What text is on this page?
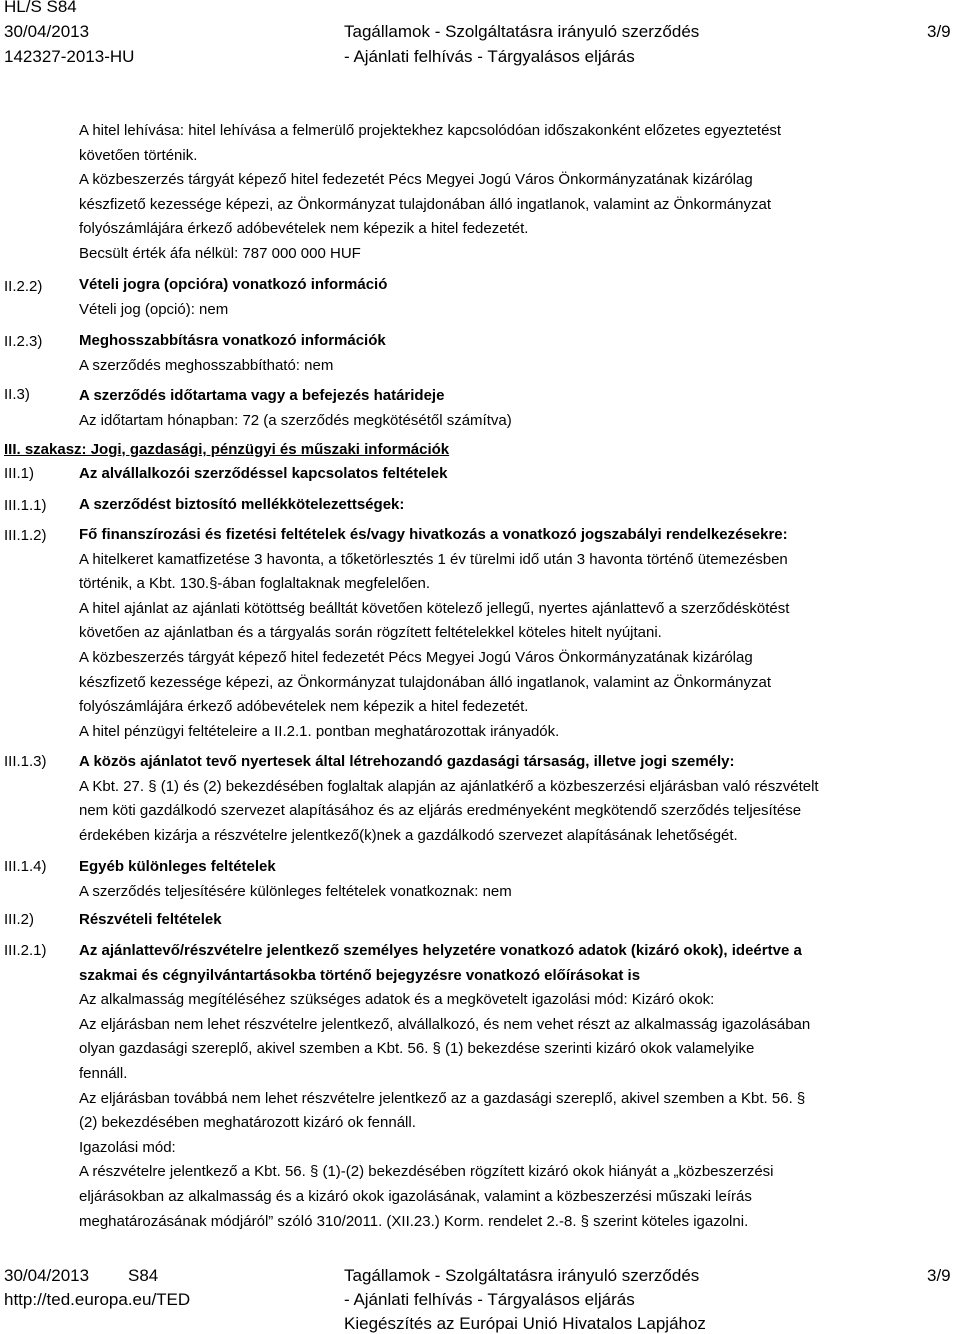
HL/S S84
30/04/2013
142327-2013-HU
Tagállamok - Szolgáltatásra irányuló szerződés
- Ajánlati felhívás - Tárgyalásos eljárás
3/9
A hitel lehívása: hitel lehívása a felmerülő projektekhez kapcsolódóan időszakonként előzetes egyeztetést
követően történik.
A közbeszerzés tárgyát képező hitel fedezetét Pécs Megyei Jogú Város Önkormányzatának kizárólag
készfizető kezessége képezi, az Önkormányzat tulajdonában álló ingatlanok, valamint az Önkormányzat
folyószámlájára érkező adóbevételek nem képezik a hitel fedezetét.
Becsült érték áfa nélkül: 787 000 000 HUF
II.2.2) Vételi jogra (opcióra) vonatkozó információ
Vételi jog (opció): nem
II.2.3) Meghosszabbításra vonatkozó információk
A szerződés meghosszabbítható: nem
II.3)	A szerződés időtartama vagy a befejezés határideje
Az időtartam hónapban: 72 (a szerződés megkötésétől számítva)
III. szakasz: Jogi, gazdasági, pénzügyi és műszaki információk
III.1)	Az alvállalkozói szerződéssel kapcsolatos feltételek
III.1.1) A szerződést biztosító mellékkötelezettségek:
III.1.2) Fő finanszírozási és fizetési feltételek és/vagy hivatkozás a vonatkozó jogszabályi rendelkezésekre:
A hitelkeret kamatfizetése 3 havonta, a tőketörlesztés 1 év türelmi idő után 3 havonta történő ütemezésben
történik, a Kbt. 130.§-ában foglaltaknak megfelelően.
A hitel ajánlat az ajánlati kötöttség beálltát követően kötelező jellegű, nyertes ajánlattevő a szerződéskötést
követően az ajánlatban és a tárgyalás során rögzített feltételekkel köteles hitelt nyújtani.
A közbeszerzés tárgyát képező hitel fedezetét Pécs Megyei Jogú Város Önkormányzatának kizárólag
készfizető kezessége képezi, az Önkormányzat tulajdonában álló ingatlanok, valamint az Önkormányzat
folyószámlájára érkező adóbevételek nem képezik a hitel fedezetét.
A hitel pénzügyi feltételeire a II.2.1. pontban meghatározottak irányadók.
III.1.3) A közös ajánlatot tevő nyertesek által létrehozandó gazdasági társaság, illetve jogi személy:
A Kbt. 27. § (1) és (2) bekezdésében foglaltak alapján az ajánlatkérő a közbeszerzési eljárásban való részvételt
nem köti gazdálkodó szervezet alapításához és az eljárás eredményeként megkötendő szerződés teljesítése
érdekében kizárja a részvételre jelentkező(k)nek a gazdálkodó szervezet alapításának lehetőségét.
III.1.4) Egyéb különleges feltételek
A szerződés teljesítésére különleges feltételek vonatkoznak: nem
III.2)	Részvételi feltételek
III.2.1) Az ajánlattevő/részvételre jelentkező személyes helyzetére vonatkozó adatok (kizáró okok), ideértve a
szakmai és cégnyilvántartásokba történő bejegyzésre vonatkozó előírásokat is
Az alkalmasság megítéléséhez szükséges adatok és a megkövetelt igazolási mód: Kizáró okok:
Az eljárásban nem lehet részvételre jelentkező, alvállalkozó, és nem vehet részt az alkalmasság igazolásában
olyan gazdasági szereplő, akivel szemben a Kbt. 56. § (1) bekezdése szerinti kizáró okok valamelyike
fennáll.
Az eljárásban továbbá nem lehet részvételre jelentkező az a gazdasági szereplő, akivel szemben a Kbt. 56. §
(2) bekezdésében meghatározott kizáró ok fennáll.
Igazolási mód:
A részvételre jelentkező a Kbt. 56. § (1)-(2) bekezdésében rögzített kizáró okok hiányát a „közbeszerzési
eljárásokban az alkalmasság és a kizáró okok igazolásának, valamint a közbeszerzési műszaki leírás
meghatározásának módjáról” szóló 310/2011. (XII.23.) Korm. rendelet 2.-8. § szerint köteles igazolni.
30/04/2013 S84
http://ted.europa.eu/TED
Tagállamok - Szolgáltatásra irányuló szerződés
- Ajánlati felhívás - Tárgyalásos eljárás
Kiegészítés az Európai Unió Hivatalos Lapjához
3/9
